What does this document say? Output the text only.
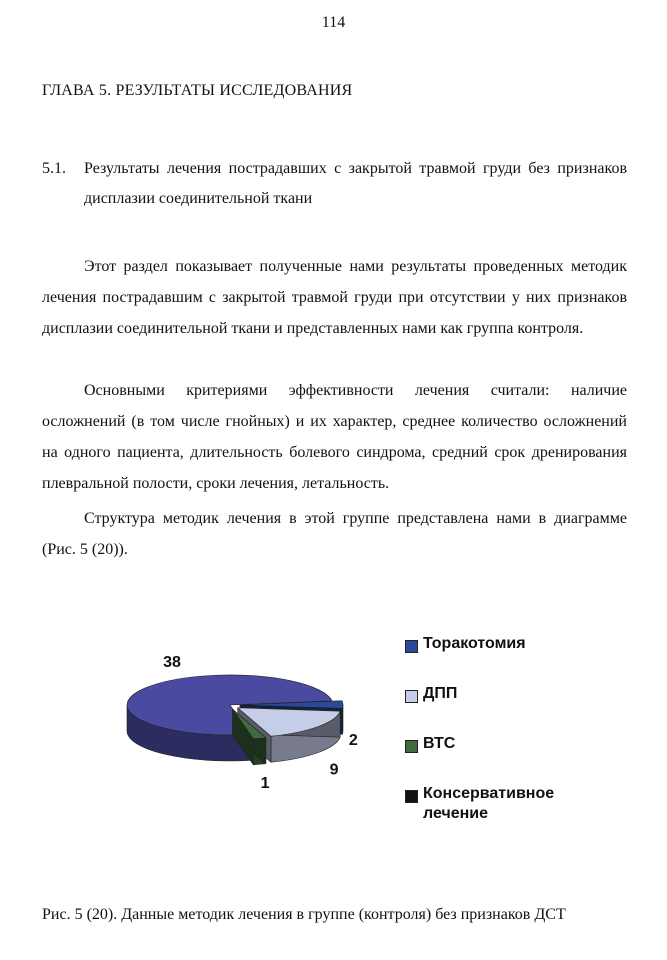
114
ГЛАВА 5. РЕЗУЛЬТАТЫ ИССЛЕДОВАНИЯ
5.1. Результаты лечения пострадавших с закрытой травмой груди без признаков дисплазии соединительной ткани

Этот раздел показывает полученные нами результаты проведенных методик лечения пострадавшим с закрытой травмой груди при отсутствии у них признаков дисплазии соединительной ткани и представленных нами как группа контроля.

Основными критериями эффективности лечения считали: наличие осложнений (в том числе гнойных) и их характер, среднее количество осложнений на одного пациента, длительность болевого синдрома, средний срок дренирования плевральной полости, сроки лечения, летальность.

Структура методик лечения в этой группе представлена нами в диаграмме (Рис. 5 (20)).

2
9
1
38
Торакотомия
ДПП
ВТС
Консервативное лечение
Рис. 5 (20). Данные методик лечения в группе (контроля) без признаков ДСТ
